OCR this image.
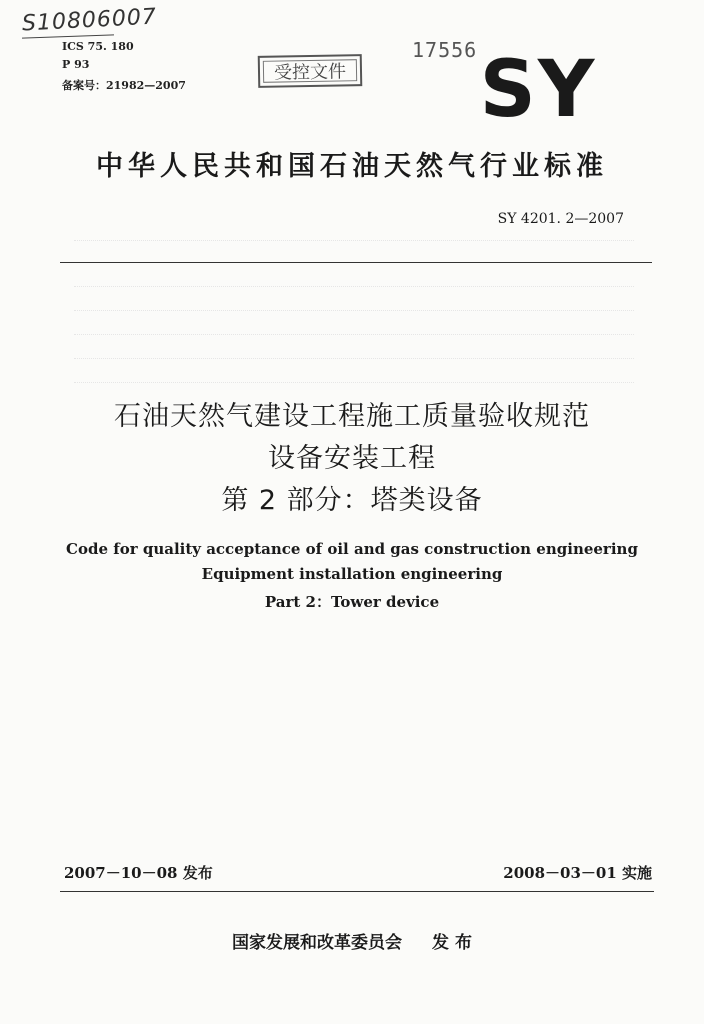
S10806007
ICS 75. 180
P 93
备案号：21982—2007
17556
受控文件 SY
中华人民共和国石油天然气行业标准
SY 4201. 2—2007
石油天然气建设工程施工质量验收规范
设备安装工程
第 2 部分：塔类设备
Code for quality acceptance of oil and gas construction engineering
Equipment installation engineering
Part 2：Tower device
2007－10－08 发布	2008－03－01 实施
国家发展和改革委员会 发 布
